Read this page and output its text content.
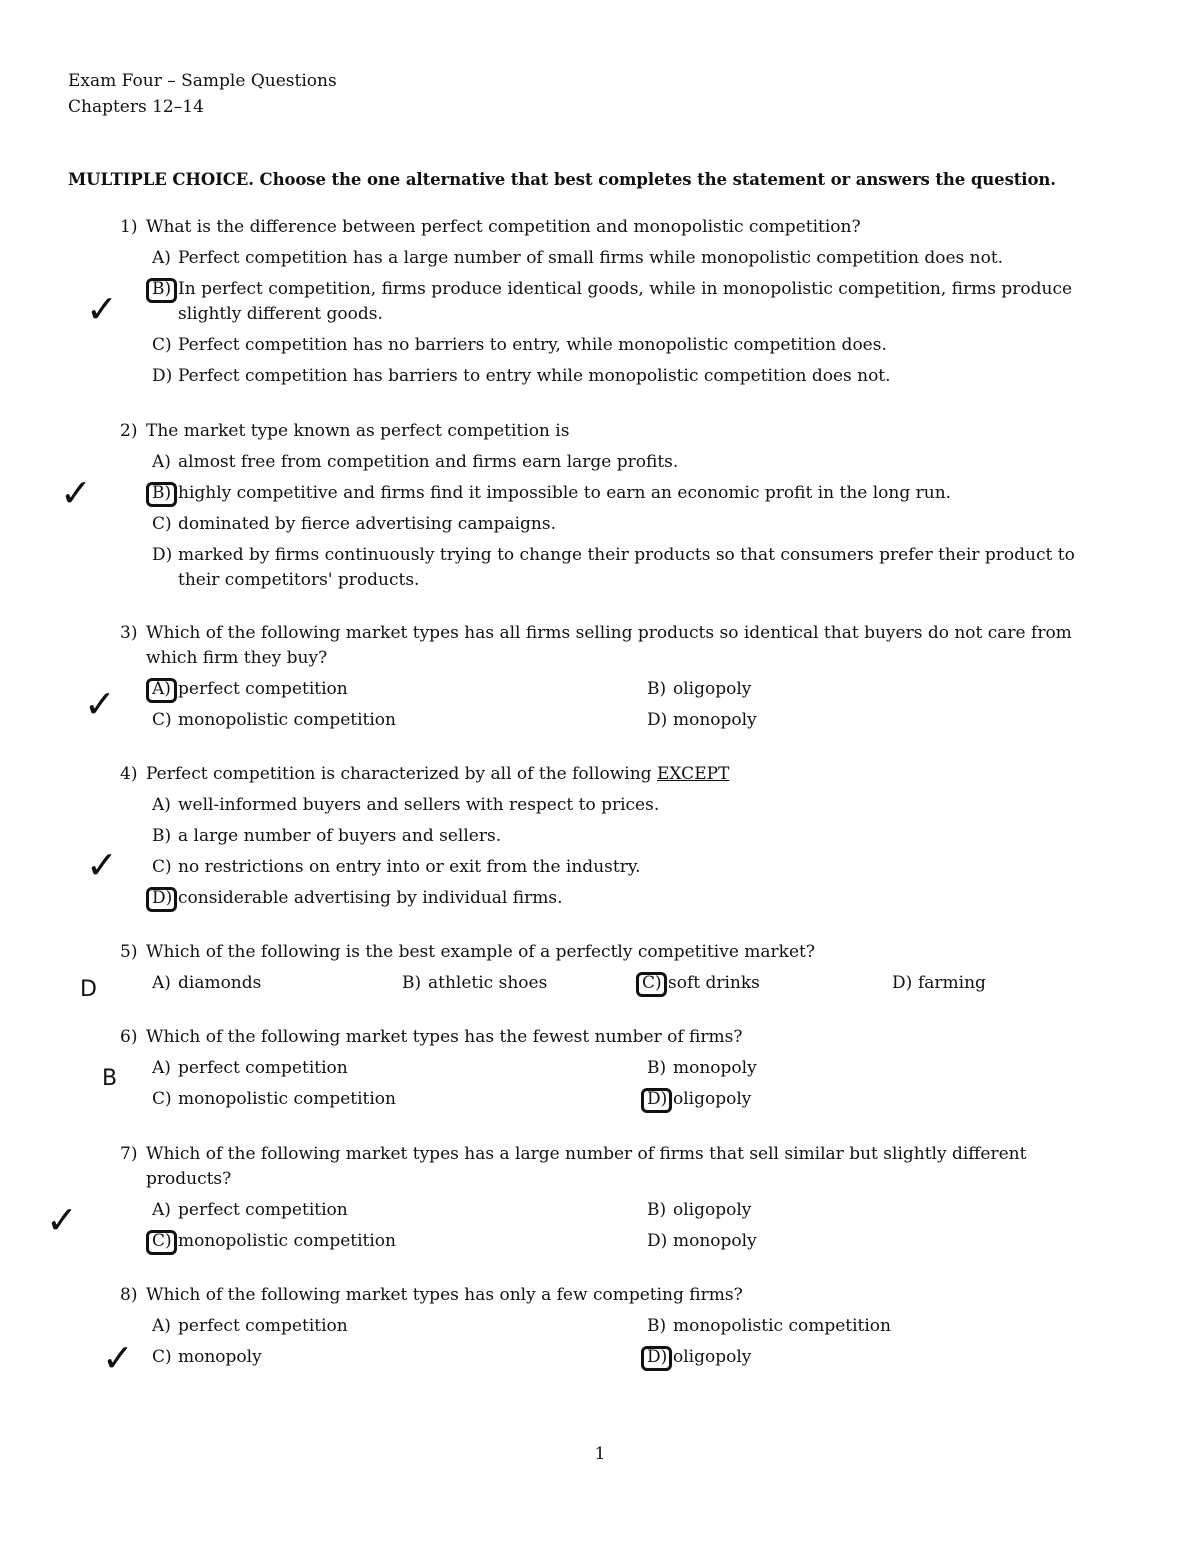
Exam Four – Sample Questions
Chapters 12–14
MULTIPLE CHOICE. Choose the one alternative that best completes the statement or answers the question.
1) What is the difference between perfect competition and monopolistic competition?
A) Perfect competition has a large number of small firms while monopolistic competition does not.
B) In perfect competition, firms produce identical goods, while in monopolistic competition, firms produce slightly different goods.
C) Perfect competition has no barriers to entry, while monopolistic competition does.
D) Perfect competition has barriers to entry while monopolistic competition does not.
2) The market type known as perfect competition is
A) almost free from competition and firms earn large profits.
B) highly competitive and firms find it impossible to earn an economic profit in the long run.
C) dominated by fierce advertising campaigns.
D) marked by firms continuously trying to change their products so that consumers prefer their product to their competitors' products.
3) Which of the following market types has all firms selling products so identical that buyers do not care from which firm they buy?
A) perfect competition	B) oligopoly
C) monopolistic competition	D) monopoly
4) Perfect competition is characterized by all of the following EXCEPT
A) well-informed buyers and sellers with respect to prices.
B) a large number of buyers and sellers.
C) no restrictions on entry into or exit from the industry.
D) considerable advertising by individual firms.
5) Which of the following is the best example of a perfectly competitive market?
A) diamonds	B) athletic shoes	C) soft drinks	D) farming
6) Which of the following market types has the fewest number of firms?
A) perfect competition	B) monopoly
C) monopolistic competition	D) oligopoly
7) Which of the following market types has a large number of firms that sell similar but slightly different products?
A) perfect competition	B) oligopoly
C) monopolistic competition	D) monopoly
8) Which of the following market types has only a few competing firms?
A) perfect competition	B) monopolistic competition
C) monopoly	D) oligopoly
✓
✓
✓
✓
D
B
✓
✓
1
